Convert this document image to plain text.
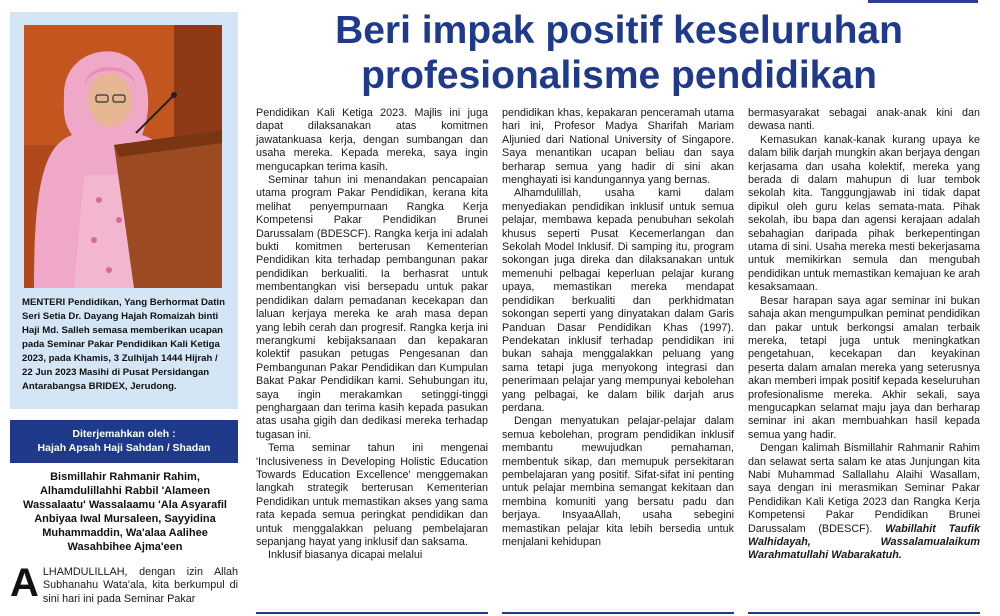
MENTERI Pendidikan, Yang Berhormat Datin Seri Setia Dr. Dayang Hajah Romaizah binti Haji Md. Salleh semasa memberikan ucapan pada Seminar Pakar Pendidikan Kali Ketiga 2023, pada Khamis, 3 Zulhijah 1444 Hijrah / 22 Jun 2023 Masihi di Pusat Persidangan Antarabangsa BRIDEX, Jerudong.

Diterjemahkan oleh :
Hajah Apsah Haji Sahdan / Shadan

Bismillahir Rahmanir Rahim,

Alhamdulillahhi Rabbil 'Alameen

Wassalaatu' Wassalaamu 'Ala Asyarafil

Anbiyaa Iwal Mursaleen, Sayyidina

Muhammaddin, Wa'alaa Aalihee

Wasahbihee Ajma'een

A LHAMDULILLAH, dengan izin Allah Subhanahu Wata'ala, kita berkumpul di sini hari ini pada Seminar Pakar

Beri impak positif keseluruhan
profesionalisme pendidikan

Pendidikan Kali Ketiga 2023. Majlis ini juga dapat dilaksanakan atas komitmen jawatankuasa kerja, dengan sumbangan dan usaha mereka. Kepada mereka, saya ingin mengucapkan terima kasih.

Seminar tahun ini menandakan pencapaian utama program Pakar Pendidikan, kerana kita melihat penyempurnaan Rangka Kerja Kompetensi Pakar Pendidikan Brunei Darussalam (BDESCF). Rangka kerja ini adalah bukti komitmen berterusan Kementerian Pendidikan kita terhadap pembangunan pakar pendidikan berkualiti. Ia berhasrat untuk membentangkan visi bersepadu untuk pakar pendidikan dalam pemadanan kecekapan dan laluan kerjaya mereka ke arah masa depan yang lebih cerah dan progresif. Rangka kerja ini merangkumi kebijaksanaan dan kepakaran kolektif pasukan petugas Pengesanan dan Pembangunan Pakar Pendidikan dan Kumpulan Bakat Pakar Pendidikan kami. Sehubungan itu, saya ingin merakamkan setinggi-tinggi penghargaan dan terima kasih kepada pasukan atas usaha gigih dan dedikasi mereka terhadap tugasan ini.

Tema seminar tahun ini mengenai 'Inclusiveness in Developing Holistic Education Towards Education Excellence' menggemakan langkah strategik berterusan Kementerian Pendidikan untuk memastikan akses yang sama rata kepada semua peringkat pendidikan dan untuk menggalakkan peluang pembelajaran sepanjang hayat yang inklusif dan saksama.

Inklusif biasanya dicapai melalui

pendidikan khas, kepakaran penceramah utama hari ini, Profesor Madya Sharifah Mariam Aljunied dari National University of Singapore. Saya menantikan ucapan beliau dan saya berharap semua yang hadir di sini akan menghayati isi kandungannya yang bernas.

Alhamdulillah, usaha kami dalam menyediakan pendidikan inklusif untuk semua pelajar, membawa kepada penubuhan sekolah khusus seperti Pusat Kecemerlangan dan Sekolah Model Inklusif. Di samping itu, program sokongan juga direka dan dilaksanakan untuk memenuhi pelbagai keperluan pelajar kurang upaya, memastikan mereka mendapat pendidikan berkualiti dan perkhidmatan sokongan seperti yang dinyatakan dalam Garis Panduan Dasar Pendidikan Khas (1997). Pendekatan inklusif terhadap pendidikan ini bukan sahaja menggalakkan peluang yang sama tetapi juga menyokong integrasi dan penerimaan pelajar yang mempunyai kebolehan yang pelbagai, ke dalam bilik darjah arus perdana.

Dengan menyatukan pelajar-pelajar dalam semua kebolehan, program pendidikan inklusif membantu mewujudkan pemahaman, membentuk sikap, dan memupuk persekitaran pembelajaran yang positif. Sifat-sifat ini penting untuk pelajar membina semangat kekitaan dan membina komuniti yang bersatu padu dan berjaya. InsyaaAllah, usaha sebegini memastikan pelajar kita lebih bersedia untuk menjalani kehidupan

bermasyarakat sebagai anak-anak kini dan dewasa nanti.

Kemasukan kanak-kanak kurang upaya ke dalam bilik darjah mungkin akan berjaya dengan kerjasama dan usaha kolektif, mereka yang berada di dalam mahupun di luar tembok sekolah kita. Tanggungjawab ini tidak dapat dipikul oleh guru kelas semata-mata. Pihak sekolah, ibu bapa dan agensi kerajaan adalah sebahagian daripada pihak berkepentingan utama di sini. Usaha mereka mesti bekerjasama untuk memikirkan semula dan mengubah pendidikan untuk memastikan kemajuan ke arah kesaksamaan.

Besar harapan saya agar seminar ini bukan sahaja akan mengumpulkan peminat pendidikan dan pakar untuk berkongsi amalan terbaik mereka, tetapi juga untuk meningkatkan pengetahuan, kecekapan dan keyakinan peserta dalam amalan mereka yang seterusnya akan memberi impak positif kepada keseluruhan profesionalisme mereka. Akhir sekali, saya mengucapkan selamat maju jaya dan berharap seminar ini akan membuahkan hasil kepada semua yang hadir.

Dengan kalimah Bismillahir Rahmanir Rahim dan selawat serta salam ke atas Junjungan kita Nabi Muhammad Sallallahu Alaihi Wasallam, saya dengan ini merasmikan Seminar Pakar Pendidikan Kali Ketiga 2023 dan Rangka Kerja Kompetensi Pakar Pendidikan Brunei Darussalam (BDESCF). Wabillahit Taufik Walhidayah, Wassalamualaikum Warahmatullahi Wabarakatuh.
